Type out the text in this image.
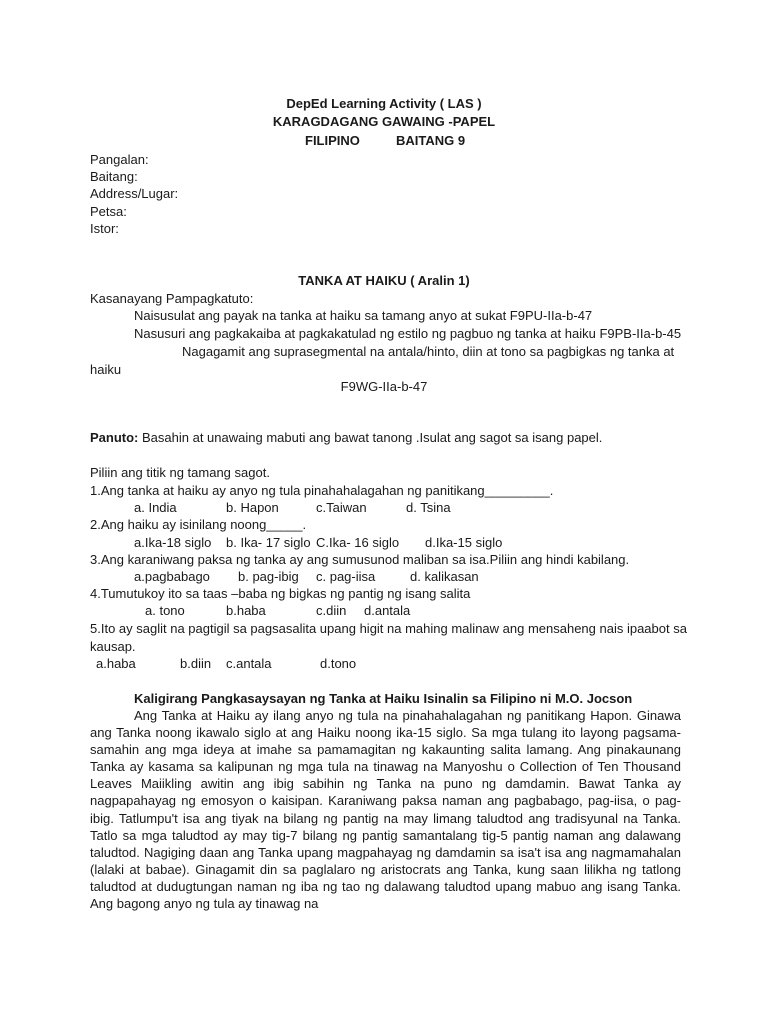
DepEd Learning Activity ( LAS )
KARAGDAGANG GAWAING -PAPEL
FILIPINO	BAITANG 9
Pangalan:
Baitang:
Address/Lugar:
Petsa:
Istor:
TANKA AT HAIKU ( Aralin 1)
Kasanayang Pampagkatuto:
Naisusulat ang payak na tanka at haiku sa tamang anyo at sukat F9PU-IIa-b-47
Nasusuri ang pagkakaiba at pagkakatulad ng estilo ng pagbuo ng tanka at haiku F9PB-IIa-b-45
Nagagamit ang suprasegmental na antala/hinto, diin at tono sa pagbigkas ng tanka at
haiku
F9WG-IIa-b-47
Panuto: Basahin at unawaing mabuti ang bawat tanong .Isulat ang sagot sa isang papel.
Piliin ang titik ng tamang sagot.
1.Ang tanka at haiku ay anyo ng tula pinahahalagahan ng panitikang_________.
a. India	b. Hapon	c.Taiwan	d. Tsina
2.Ang haiku ay isinilang noong_____.
a.Ika-18 siglo b. Ika- 17 siglo C.Ika- 16 siglo d.Ika-15 siglo
3.Ang karaniwang paksa ng tanka ay ang sumusunod maliban sa isa.Piliin ang hindi kabilang.
a.pagbabago b. pag-ibig c. pag-iisa	d. kalikasan
4.Tumutukoy ito sa taas –baba ng bigkas ng pantig ng isang salita
a. tono	b.haba	c.diin d.antala
5.Ito ay saglit na pagtigil sa pagsasalita upang higit na mahing malinaw ang mensaheng nais ipaabot sa
kausap.
a.haba	b.diin c.antala	d.tono
Kaligirang Pangkasaysayan ng Tanka at Haiku Isinalin sa Filipino ni M.O. Jocson
Ang Tanka at Haiku ay ilang anyo ng tula na pinahahalagahan ng panitikang Hapon. Ginawa ang Tanka noong ikawalo siglo at ang Haiku noong ika-15 siglo. Sa mga tulang ito layong pagsama-samahin ang mga ideya at imahe sa pamamagitan ng kakaunting salita lamang. Ang pinakaunang Tanka ay kasama sa kalipunan ng mga tula na tinawag na Manyoshu o Collection of Ten Thousand Leaves Maiikling awitin ang ibig sabihin ng Tanka na puno ng damdamin. Bawat Tanka ay nagpapahayag ng emosyon o kaisipan. Karaniwang paksa naman ang pagbabago, pag-iisa, o pag-ibig. Tatlumpu't isa ang tiyak na bilang ng pantig na may limang taludtod ang tradisyunal na Tanka. Tatlo sa mga taludtod ay may tig-7 bilang ng pantig samantalang tig-5 pantig naman ang dalawang taludtod. Nagiging daan ang Tanka upang magpahayag ng damdamin sa isa't isa ang nagmamahalan (lalaki at babae). Ginagamit din sa paglalaro ng aristocrats ang Tanka, kung saan lilikha ng tatlong taludtod at dudugtungan naman ng iba ng tao ng dalawang taludtod upang mabuo ang isang Tanka. Ang bagong anyo ng tula ay tinawag na
